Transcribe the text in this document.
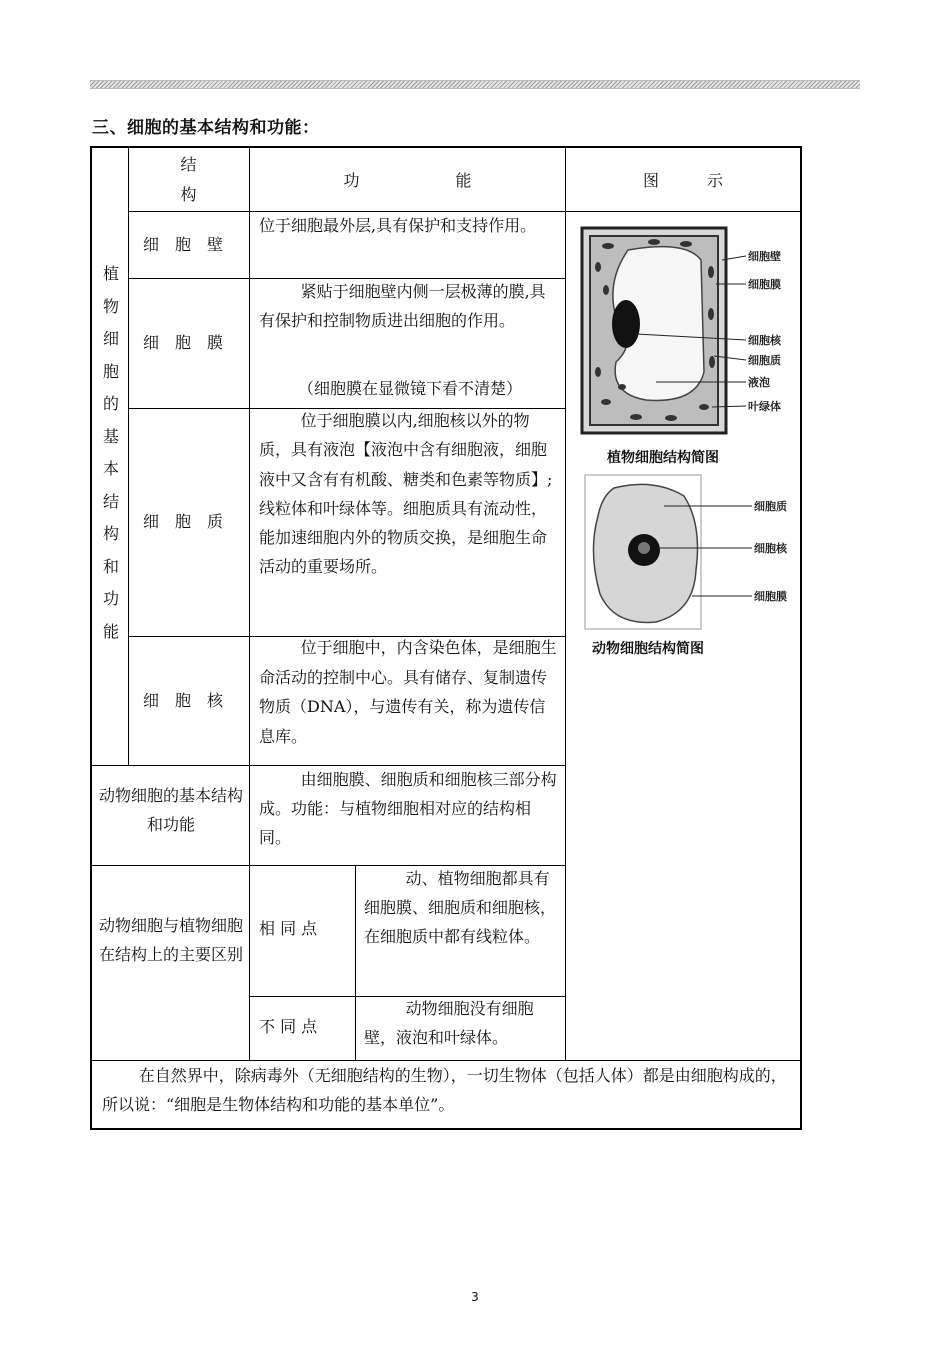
三、细胞的基本结构和功能：
结
构
功　　　　　　能	图　　　示
植
物
细
胞
的
基
本
结
构
和
功
能
细　胞　壁
位于细胞最外层,具有保护和支持作用。
细　胞　膜
紧贴于细胞壁内侧一层极薄的膜,具有保护和控制物质进出细胞的作用。
（细胞膜在显微镜下看不清楚）
细　胞　质
位于细胞膜以内,细胞核以外的物质，具有液泡【液泡中含有细胞液，细胞液中又含有有机酸、糖类和色素等物质】;线粒体和叶绿体等。细胞质具有流动性，能加速细胞内外的物质交换，是细胞生命活动的重要场所。
细　胞　核
位于细胞中，内含染色体，是细胞生命活动的控制中心。具有储存、复制遗传物质（DNA），与遗传有关，称为遗传信息库。
动物细胞的基本结构和功能
由细胞膜、细胞质和细胞核三部分构成。功能：与植物细胞相对应的结构相同。
动物细胞与植物细胞在结构上的主要区别
相 同 点
动、植物细胞都具有细胞膜、细胞质和细胞核，在细胞质中都有线粒体。
不 同 点
动物细胞没有细胞壁，液泡和叶绿体。
在自然界中，除病毒外（无细胞结构的生物），一切生物体（包括人体）都是由细胞构成的，所以说：“细胞是生物体结构和功能的基本单位”。
细胞壁
细胞膜
细胞核
细胞质
液泡
叶绿体
植物细胞结构简图
细胞质
细胞核
细胞膜
动物细胞结构简图
3
